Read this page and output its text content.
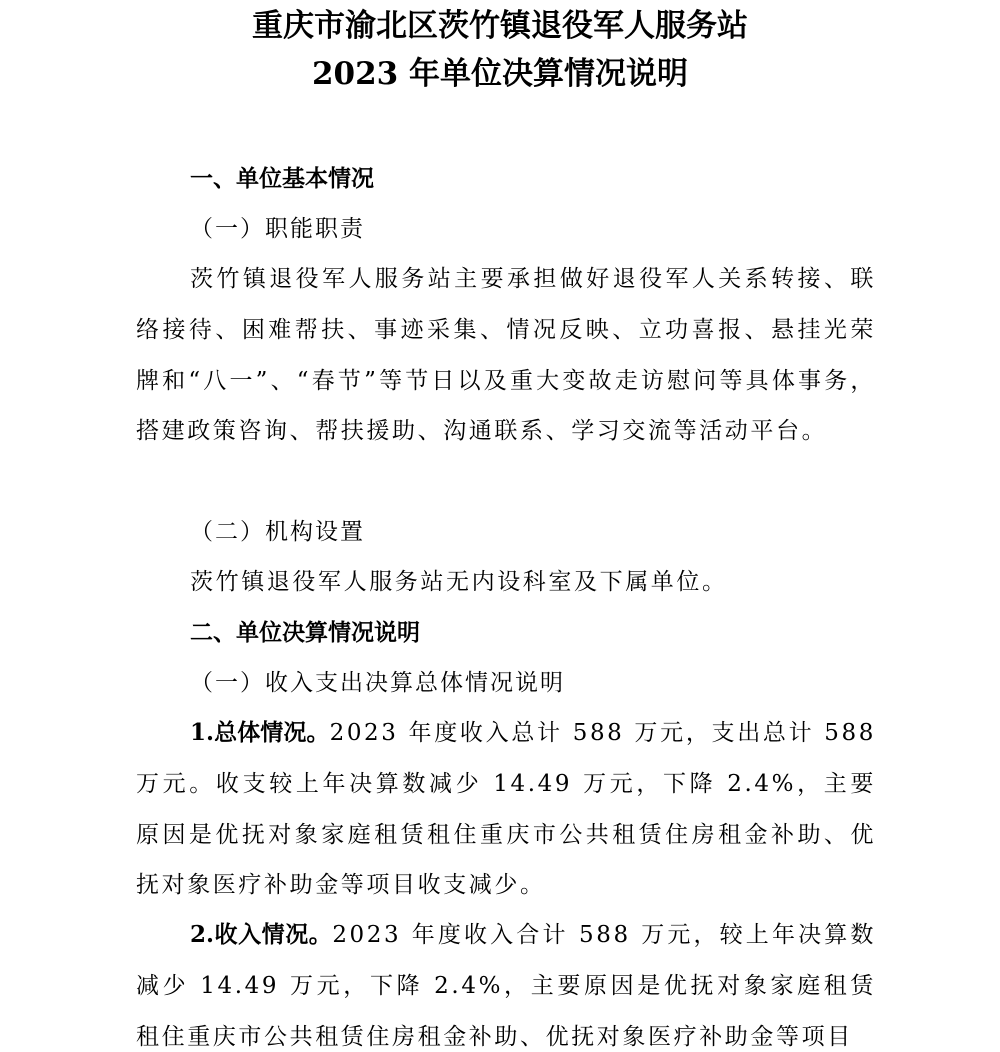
重庆市渝北区茨竹镇退役军人服务站
2023 年单位决算情况说明
一、单位基本情况
（一）职能职责
茨竹镇退役军人服务站主要承担做好退役军人关系转接、联络接待、困难帮扶、事迹采集、情况反映、立功喜报、悬挂光荣牌和“八一”、“春节”等节日以及重大变故走访慰问等具体事务，搭建政策咨询、帮扶援助、沟通联系、学习交流等活动平台。
（二）机构设置
茨竹镇退役军人服务站无内设科室及下属单位。
二、单位决算情况说明
（一）收入支出决算总体情况说明
1.总体情况。2023 年度收入总计 588 万元，支出总计 588 万元。收支较上年决算数减少 14.49 万元，下降 2.4%，主要原因是优抚对象家庭租赁租住重庆市公共租赁住房租金补助、优抚对象医疗补助金等项目收支减少。
2.收入情况。2023 年度收入合计 588 万元，较上年决算数减少 14.49 万元，下降 2.4%，主要原因是优抚对象家庭租赁租住重庆市公共租赁住房租金补助、优抚对象医疗补助金等项目
